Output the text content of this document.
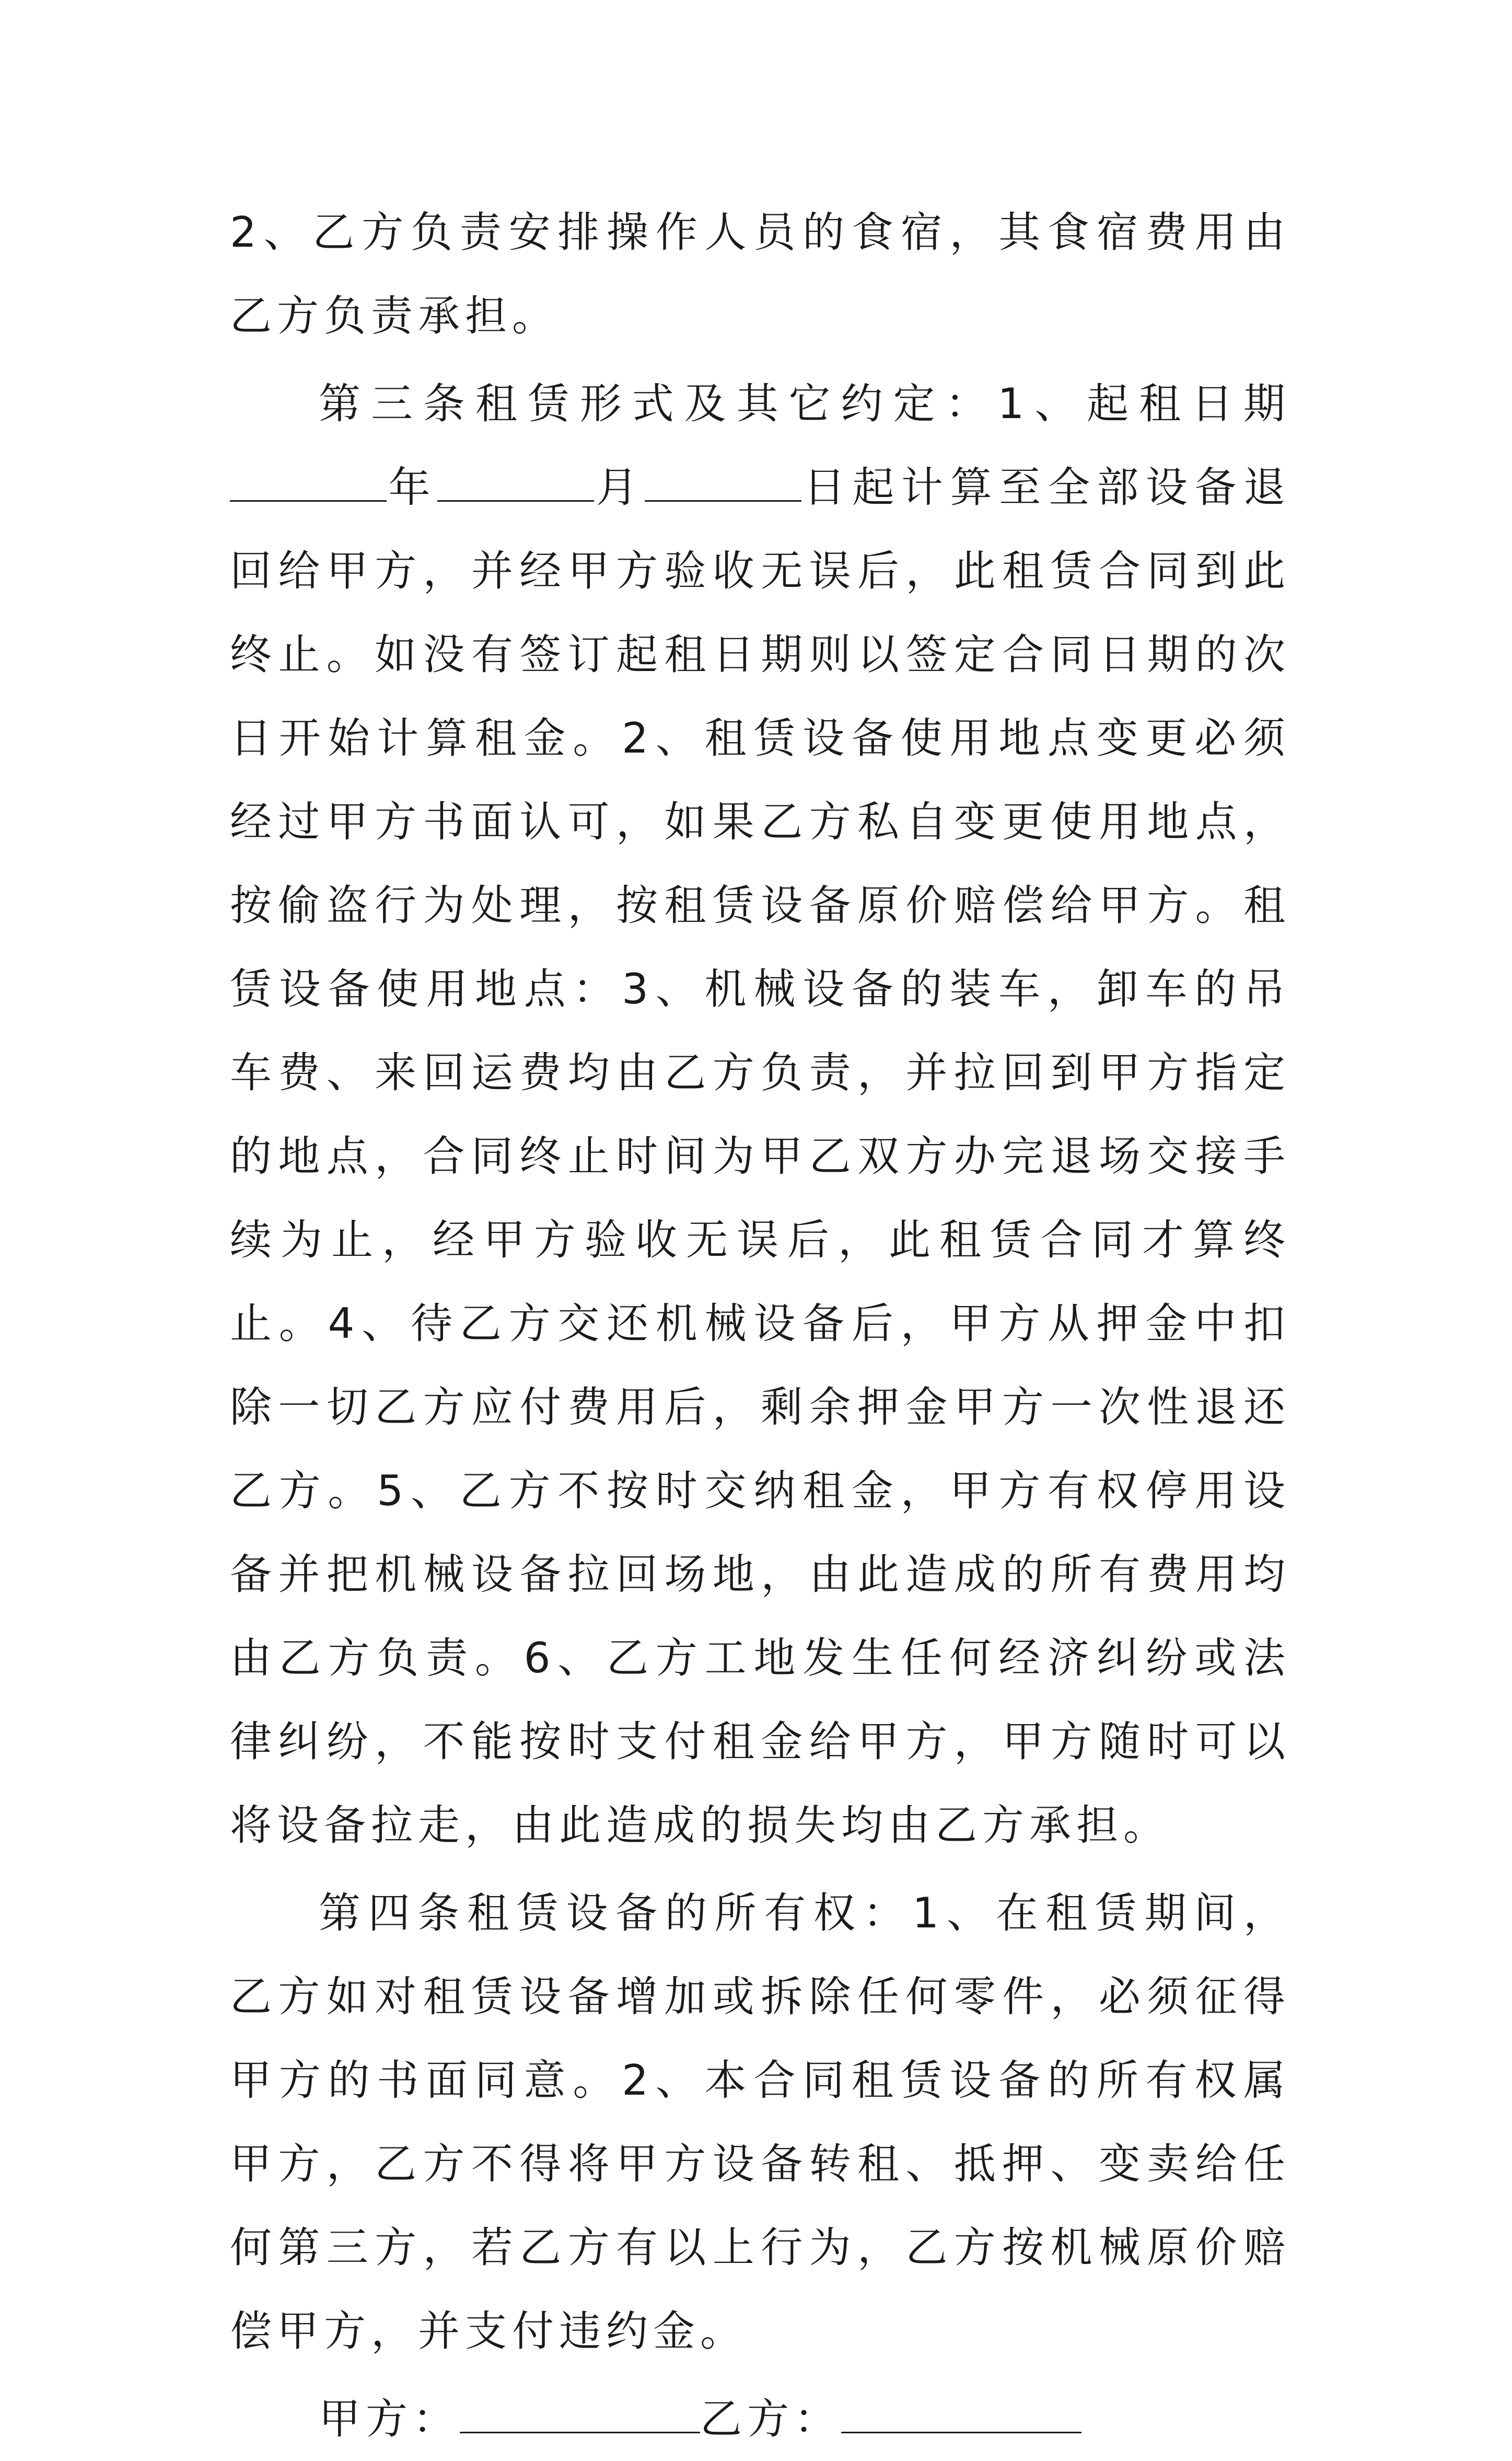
2、乙方负责安排操作人员的食宿，其食宿费用由乙方负责承担。

第三条租赁形式及其它约定：1、起租日期年	月	日起计算至全部设备退回给甲方，并经甲方验收无误后，此租赁合同到此终止。如没有签订起租日期则以签定合同日期的次日开始计算租金。2、租赁设备使用地点变更必须经过甲方书面认可，如果乙方私自变更使用地点，按偷盗行为处理，按租赁设备原价赔偿给甲方。租赁设备使用地点：3、机械设备的装车，卸车的吊车费、来回运费均由乙方负责，并拉回到甲方指定的地点，合同终止时间为甲乙双方办完退场交接手续为止，经甲方验收无误后，此租赁合同才算终止。4、待乙方交还机械设备后，甲方从押金中扣除一切乙方应付费用后，剩余押金甲方一次性退还乙方。5、乙方不按时交纳租金，甲方有权停用设备并把机械设备拉回场地，由此造成的所有费用均由乙方负责。6、乙方工地发生任何经济纠纷或法律纠纷，不能按时支付租金给甲方，甲方随时可以将设备拉走，由此造成的损失均由乙方承担。

第四条租赁设备的所有权：1、在租赁期间，乙方如对租赁设备增加或拆除任何零件，必须征得甲方的书面同意。2、本合同租赁设备的所有权属甲方，乙方不得将甲方设备转租、抵押、变卖给任何第三方，若乙方有以上行为，乙方按机械原价赔偿甲方，并支付违约金。

甲方：	乙方：
